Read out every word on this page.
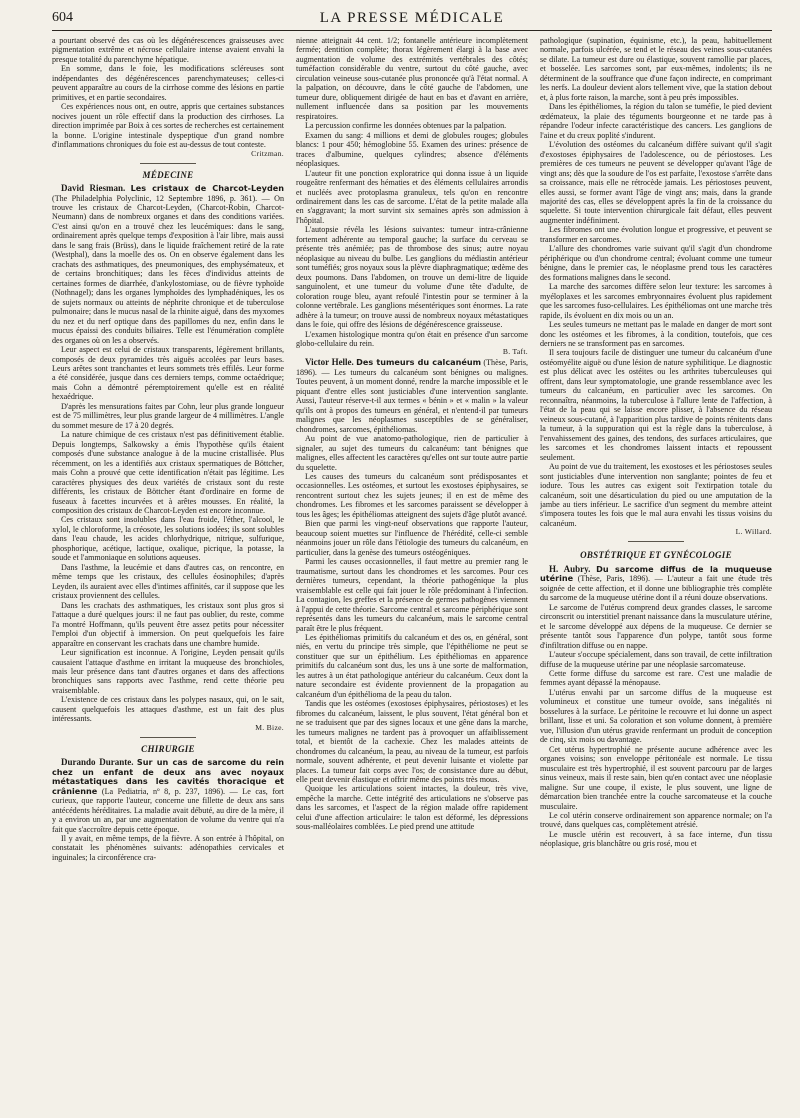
604	LA PRESSE MÉDICALE

a pourtant observé des cas où les dégénérescences graisseuses avec pigmentation extrême et nécrose cellulaire intense avaient envahi la presque totalité du parenchyme hépatique.

En somme, dans le foie, les modifications scléreuses sont indépendantes des dégénérescences parenchymateuses; celles-ci peuvent apparaître au cours de la cirrhose comme des lésions en partie primitives, et en partie secondaires.

Ces expériences nous ont, en outre, appris que certaines substances nocives jouent un rôle effectif dans la production des cirrhoses. La direction imprimée par Boix à ces sortes de recherches est certainement la bonne. L'origine intestinale dyspeptique d'un grand nombre d'inflammations chroniques du foie est au-dessus de tout conteste.

Critzman.

MÉDECINE

David Riesman. Les cristaux de Charcot-Leyden (The Philadelphia Polyclinic, 12 Septembre 1896, p. 361). — On trouve les cristaux de Charcot-Leyden, (Charcot-Robin, Charcot-Neumann) dans de nombreux organes et dans des conditions variées. C'est ainsi qu'on en a trouvé chez les leucémiques: dans le sang, ordinairement après quelque temps d'exposition à l'air libre, mais aussi dans le sang frais (Brüss), dans le liquide fraîchement retiré de la rate (Westphal), dans la moelle des os. On en observe également dans les crachats des asthmatiques, des pneumoniques, des emphysémateux, et de certains bronchitiques; dans les fèces d'individus atteints de certaines formes de diarrhée, d'ankylostomiase, ou de fièvre typhoïde (Nothnagel); dans les organes lymphoïdes des lymphadéniques, les os de sujets normaux ou atteints de néphrite chronique et de tuberculose pulmonaire; dans le mucus nasal de la rhinite aiguë, dans des myxomes du nez et du nerf optique dans des papillomes du nez, enfin dans le mucus épaissi des conduits biliaires. Telle est l'énumération complète des organes où on les a observés.

Leur aspect est celui de cristaux transparents, légèrement brillants, composés de deux pyramides très aiguës accolées par leurs bases. Leurs arêtes sont tranchantes et leurs sommets très effilés. Leur forme a été considérée, jusque dans ces derniers temps, comme octaédrique; mais Cohn a démontré péremptoirement qu'elle est en réalité hexaédrique.

D'après les mensurations faites par Cohn, leur plus grande longueur est de 75 millimètres, leur plus grande largeur de 4 millimètres. L'angle du sommet mesure de 17 à 20 degrés.

La nature chimique de ces cristaux n'est pas définitivement établie. Depuis longtemps, Salkowsky a émis l'hypothèse qu'ils étaient composés d'une substance analogue à de la mucine cristallisée. Plus récemment, on les a identifiés aux cristaux spermatiques de Böttcher, mais Cohn a prouvé que cette identification n'était pas légitime. Les caractères physiques des deux variétés de cristaux sont du reste différents, les cristaux de Böttcher étant d'ordinaire en forme de fuseaux à facettes incurvées et à arêtes mousses. En réalité, la composition des cristaux de Charcot-Leyden est encore inconnue.

Ces cristaux sont insolubles dans l'eau froide, l'éther, l'alcool, le xylol, le chloroforme, la créosote, les solutions iodées; ils sont solubles dans l'eau chaude, les acides chlorhydrique, nitrique, sulfurique, phosphorique, acétique, lactique, oxalique, picrique, la potasse, la soude et l'ammoniaque en solutions aqueuses.

Dans l'asthme, la leucémie et dans d'autres cas, on rencontre, en même temps que les cristaux, des cellules éosinophiles; d'après Leyden, ils auraient avec elles d'intimes affinités, car il suppose que les cristaux proviennent des cellules.

Dans les crachats des asthmatiques, les cristaux sont plus gros si l'attaque a duré quelques jours: il ne faut pas oublier, du reste, comme l'a montré Hoffmann, qu'ils peuvent être assez petits pour nécessiter l'emploi d'un objectif à immersion. On peut quelquefois les faire apparaître en conservant les crachats dans une chambre humide.

Leur signification est inconnue. A l'origine, Leyden pensait qu'ils causaient l'attaque d'asthme en irritant la muqueuse des bronchioles, mais leur présence dans tant d'autres organes et dans des affections bronchiques sans rapports avec l'asthme, rend cette théorie peu vraisemblable.

L'existence de ces cristaux dans les polypes nasaux, qui, on le sait, causent quelquefois les attaques d'asthme, est un fait des plus intéressants.

M. Bize.

CHIRURGIE

Durando Durante. Sur un cas de sarcome du rein chez un enfant de deux ans avec noyaux métastatiques dans les cavités thoracique et crânienne (La Pediatria, nº 8, p. 237, 1896). — Le cas, fort curieux, que rapporte l'auteur, concerne une fillette de deux ans sans antécédents héréditaires. La maladie avait débuté, au dire de la mère, il y a environ un an, par une augmentation de volume du ventre qui n'a fait que s'accroître depuis cette époque.

Il y avait, en même temps, de la fièvre. A son entrée à l'hôpital, on constatait les phénomènes suivants: adénopathies cervicales et inguinales; la circonférence cra-

nienne atteignait 44 cent. 1/2; fontanelle antérieure incomplètement fermée; dentition complète; thorax légèrement élargi à la base avec augmentation de volume des extrémités vertébrales des côtés; tuméfaction considérable du ventre, surtout du côté gauche, avec circulation veineuse sous-cutanée plus prononcée qu'à l'état normal. A la palpation, on découvre, dans le côté gauche de l'abdomen, une tumeur dure, obliquement dirigée de haut en bas et d'avant en arrière, nullement influencée dans sa position par les mouvements respiratoires.

La percussion confirme les données obtenues par la palpation.

Examen du sang: 4 millions et demi de globules rouges; globules blancs: 1 pour 450; hémoglobine 55. Examen des urines: présence de traces d'albumine, quelques cylindres; absence d'éléments néoplasiques.

L'auteur fit une ponction exploratrice qui donna issue à un liquide rougeâtre renfermant des hématies et des éléments cellulaires arrondis et nucléés avec protoplasma granuleux, tels qu'on en rencontre ordinairement dans les cas de sarcome. L'état de la petite malade alla en s'aggravant; la mort survint six semaines après son admission à l'hôpital.

L'autopsie révéla les lésions suivantes: tumeur intra-crânienne fortement adhérente au temporal gauche; la surface du cerveau se présente très anémiée; pas de thrombose des sinus; autre noyau néoplasique au niveau du bulbe. Les ganglions du médiastin antérieur sont tuméfiés; gros noyaux sous la plèvre diaphragmatique; œdème des deux poumons. Dans l'abdomen, on trouve un demi-litre de liquide sanguinolent, et une tumeur du volume d'une tête d'adulte, de coloration rouge bleu, ayant refoulé l'intestin pour se terminer à la colonne vertébrale. Les ganglions mésentériques sont énormes. La rate adhère à la tumeur; on trouve aussi de nombreux noyaux métastatiques dans le foie, qui offre des lésions de dégénérescence graisseuse.

L'examen histologique montra qu'on était en présence d'un sarcome globo-cellulaire du rein.

B. Taft.

Victor Helle. Des tumeurs du calcanéum (Thèse, Paris, 1896). — Les tumeurs du calcanéum sont bénignes ou malignes. Toutes peuvent, à un moment donné, rendre la marche impossible et le piquant d'entre elles sont justiciables d'une intervention sanglante. Aussi, l'auteur réserve-t-il aux termes « bénin » et « malin » la valeur qu'ils ont à propos des tumeurs en général, et n'entend-il par tumeurs malignes que les néoplasmes susceptibles de se généraliser, chondromes, sarcomes, épithéliomas.

Au point de vue anatomo-pathologique, rien de particulier à signaler, au sujet des tumeurs du calcanéum: tant bénignes que malignes, elles affectent les caractères qu'elles ont sur toute autre partie du squelette.

Les causes des tumeurs du calcanéum sont prédisposantes et occasionnelles. Les ostéomes, et surtout les exostoses épiphysaires, se rencontrent surtout chez les sujets jeunes; il en est de même des chondromes. Les fibromes et les sarcomes paraissent se développer à tous les âges; les épithéliomas atteignent des sujets d'âge plutôt avancé.

Bien que parmi les vingt-neuf observations que rapporte l'auteur, beaucoup soient muettes sur l'influence de l'hérédité, celle-ci semble néanmoins jouer un rôle dans l'étiologie des tumeurs du calcanéum, en particulier, dans la genèse des tumeurs ostéogéniques.

Parmi les causes occasionnelles, il faut mettre au premier rang le traumatisme, surtout dans les chondromes et les sarcomes. Pour ces dernières tumeurs, cependant, la théorie pathogénique la plus vraisemblable est celle qui fait jouer le rôle prédominant à l'infection. La contagion, les greffes et la présence de germes pathogènes viennent à l'appui de cette théorie. Sarcome central et sarcome périphérique sont représentés dans les tumeurs du calcanéum, mais le sarcome central paraît être le plus fréquent.

Les épithéliomas primitifs du calcanéum et des os, en général, sont niés, en vertu du principe très simple, que l'épithéliome ne peut se constituer que sur un épithélium. Les épithéliomas en apparence primitifs du calcanéum sont dus, les uns à une sorte de malformation, les autres à un état pathologique antérieur du calcanéum. Ceux dont la nature secondaire est évidente proviennent de la propagation au calcanéum d'un épithélioma de la peau du talon.

Tandis que les ostéomes (exostoses épiphysaires, périostoses) et les fibromes du calcanéum, laissent, le plus souvent, l'état général bon et ne se traduisent que par des signes locaux et une gêne dans la marche, les tumeurs malignes ne tardent pas à provoquer un affaiblissement total, et bientôt de la cachexie. Chez les malades atteints de chondromes du calcanéum, la peau, au niveau de la tumeur, est parfois normale, souvent adhérente, et peut devenir luisante et violette par places. La tumeur fait corps avec l'os; de consistance dure au début, elle peut devenir élastique et offrir même des points très mous.

Quoique les articulations soient intactes, la douleur, très vive, empêche la marche. Cette intégrité des articulations ne s'observe pas dans les sarcomes, et l'aspect de la région malade offre rapidement celui d'une affection articulaire: le talon est déformé, les dépressions sous-malléolaires comblées. Le pied prend une attitude

pathologique (supination, équinisme, etc.), la peau, habituellement normale, parfois ulcérée, se tend et le réseau des veines sous-cutanées se dilate. La tumeur est dure ou élastique, souvent ramollie par places, et bosselée. Les sarcomes sont, par eux-mêmes, indolents; ils ne déterminent de la souffrance que d'une façon indirecte, en comprimant les nerfs. La douleur devient alors tellement vive, que la station debout et, à plus forte raison, la marche, sont à peu près impossibles.

Dans les épithéliomes, la région du talon se tuméfie, le pied devient œdémateux, la plaie des téguments bourgeonne et ne tarde pas à répandre l'odeur infecte caractéristique des cancers. Les ganglions de l'aine et du creux poplité s'indurent.

L'évolution des ostéomes du calcanéum diffère suivant qu'il s'agit d'exostoses épiphysaires de l'adolescence, ou de périostoses. Les premières de ces tumeurs ne peuvent se développer qu'avant l'âge de vingt ans; dès que la soudure de l'os est parfaite, l'exostose s'arrête dans sa croissance, mais elle ne rétrocède jamais. Les périostoses peuvent, elles aussi, se former avant l'âge de vingt ans; mais, dans la grande majorité des cas, elles se développent après la fin de la croissance du squelette. Si toute intervention chirurgicale fait défaut, elles peuvent augmenter indéfiniment.

Les fibromes ont une évolution longue et progressive, et peuvent se transformer en sarcomes.

L'allure des chondromes varie suivant qu'il s'agit d'un chondrome périphérique ou d'un chondrome central; évoluant comme une tumeur bénigne, dans le premier cas, le néoplasme prend tous les caractères des formations malignes dans le second.

La marche des sarcomes diffère selon leur texture: les sarcomes à myéloplaxes et les sarcomes embryonnaires évoluent plus rapidement que les sarcomes fuso-cellulaires. Les épithéliomas ont une marche très rapide, ils évoluent en dix mois ou un an.

Les seules tumeurs ne mettant pas le malade en danger de mort sont donc les ostéomes et les fibromes, à la condition, toutefois, que ces derniers ne se transforment pas en sarcomes.

Il sera toujours facile de distinguer une tumeur du calcanéum d'une ostéomyélite aiguë ou d'une lésion de nature syphilitique. Le diagnostic est plus délicat avec les ostéites ou les arthrites tuberculeuses qui offrent, dans leur symptomatologie, une grande ressemblance avec les tumeurs du calcanéum, en particulier avec les sarcomes. On reconnaîtra, néanmoins, la tuberculose à l'allure lente de l'affection, à l'état de la peau qui se laisse encore plisser, à l'absence du réseau veineux sous-cutané, à l'apparition plus tardive de points rénitents dans la tumeur, à la suppuration qui est la règle dans la tuberculose, à l'envahissement des gaines, des tendons, des surfaces articulaires, que les sarcomes et les chondromes laissent intacts et repoussent seulement.

Au point de vue du traitement, les exostoses et les périostoses seules sont justiciables d'une intervention non sanglante; pointes de feu et iodure. Tous les autres cas exigent soit l'extirpation totale du calcanéum, soit une désarticulation du pied ou une amputation de la jambe au tiers inférieur. Le sacrifice d'un segment du membre atteint s'imposera toutes les fois que le mal aura envahi les tissus voisins du calcanéum.

L. Willard.

OBSTÉTRIQUE ET GYNÉCOLOGIE

H. Aubry. Du sarcome diffus de la muqueuse utérine (Thèse, Paris, 1896). — L'auteur a fait une étude très soignée de cette affection, et il donne une bibliographie très complète du sarcome de la muqueuse utérine dont il a réuni douze observations.

Le sarcome de l'utérus comprend deux grandes classes, le sarcome circonscrit ou interstitiel prenant naissance dans la musculature utérine, et le sarcome développé aux dépens de la muqueuse. Ce dernier se présente tantôt sous l'apparence d'un polype, tantôt sous forme d'infiltration diffuse ou en nappe.

L'auteur s'occupe spécialement, dans son travail, de cette infiltration diffuse de la muqueuse utérine par une néoplasie sarcomateuse.

Cette forme diffuse du sarcome est rare. C'est une maladie de femmes ayant dépassé la ménopause.

L'utérus envahi par un sarcome diffus de la muqueuse est volumineux et constitue une tumeur ovoïde, sans inégalités ni bosselures à la surface. Le péritoine le recouvre et lui donne un aspect brillant, lisse et uni. Sa coloration et son volume donnent, à première vue, l'illusion d'un utérus gravide renfermant un produit de conception de cinq, six mois ou davantage.

Cet utérus hypertrophié ne présente aucune adhérence avec les organes voisins; son enveloppe péritonéale est normale. Le tissu musculaire est très hypertrophié, il est souvent parcouru par de larges sinus veineux, mais il reste sain, bien qu'en contact avec une néoplasie maligne. Sur une coupe, il existe, le plus souvent, une ligne de démarcation bien tranchée entre la couche sarcomateuse et la couche musculaire.

Le col utérin conserve ordinairement son apparence normale; on l'a trouvé, dans quelques cas, complètement atrésié.

Le muscle utérin est recouvert, à sa face interne, d'un tissu néoplasique, gris blanchâtre ou gris rosé, mou et
